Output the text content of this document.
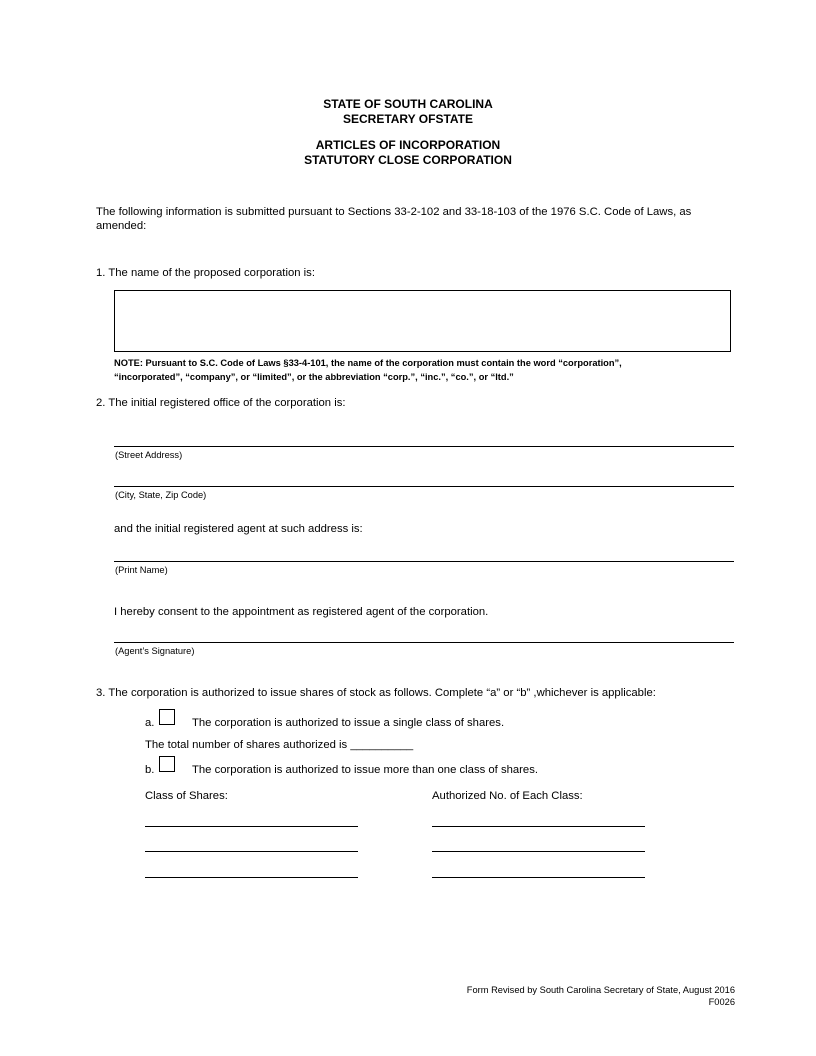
STATE OF SOUTH CAROLINA
SECRETARY OFSTATE
ARTICLES OF INCORPORATION
STATUTORY CLOSE CORPORATION
The following information is submitted pursuant to Sections 33-2-102 and 33-18-103 of the 1976 S.C. Code of Laws, as
amended:
1. The name of the proposed corporation is:
NOTE: Pursuant to S.C. Code of Laws §33-4-101, the name of the corporation must contain the word “corporation”,
“incorporated”, “company”, or “limited”, or the abbreviation “corp.”, “inc.”, “co.”, or “ltd.”
2. The initial registered office of the corporation is:
(Street Address)
(City, State, Zip Code)
and the initial registered agent at such address is:
(Print Name)
I hereby consent to the appointment as registered agent of the corporation.
(Agent’s Signature)
3. The corporation is authorized to issue shares of stock as follows. Complete “a” or “b” ,whichever is applicable:
a.	The corporation is authorized to issue a single class of shares.
The total number of shares authorized is __________
b.	The corporation is authorized to issue more than one class of shares.
Class of Shares:	Authorized No. of Each Class:
Form Revised by South Carolina Secretary of State, August 2016
F0026
